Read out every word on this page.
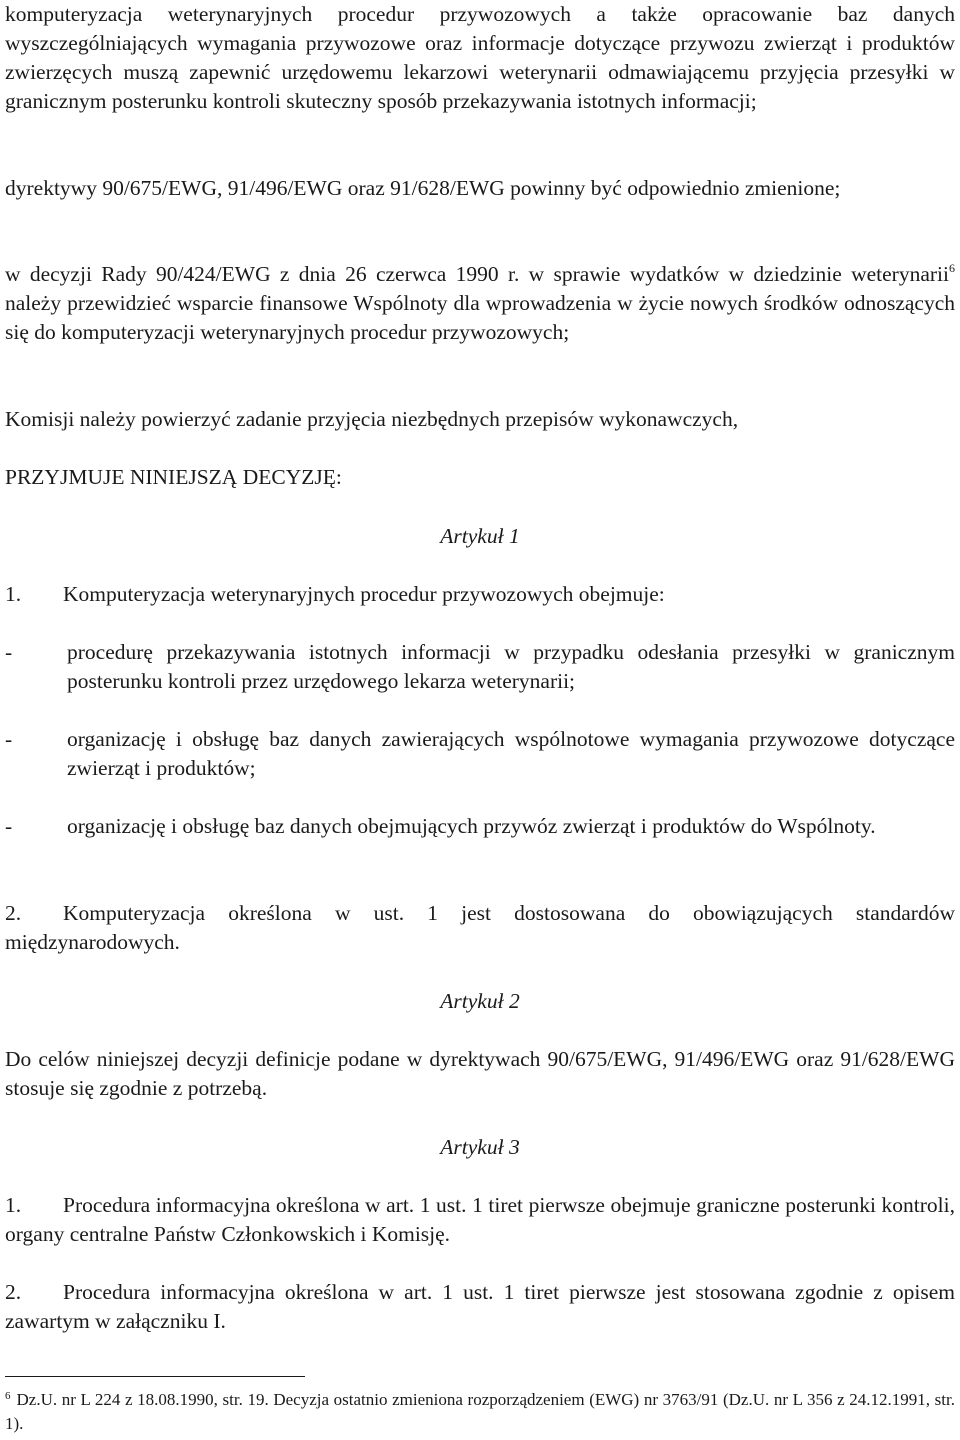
komputeryzacja weterynaryjnych procedur przywozowych a także opracowanie baz danych wyszczególniających wymagania przywozowe oraz informacje dotyczące przywozu zwierząt i produktów zwierzęcych muszą zapewnić urzędowemu lekarzowi weterynarii odmawiającemu przyjęcia przesyłki w granicznym posterunku kontroli skuteczny sposób przekazywania istotnych informacji;

dyrektywy 90/675/EWG, 91/496/EWG oraz 91/628/EWG powinny być odpowiednio zmienione;

w decyzji Rady 90/424/EWG z dnia 26 czerwca 1990 r. w sprawie wydatków w dziedzinie weterynarii$^6$ należy przewidzieć wsparcie finansowe Wspólnoty dla wprowadzenia w życie nowych środków odnoszących się do komputeryzacji weterynaryjnych procedur przywozowych;

Komisji należy powierzyć zadanie przyjęcia niezbędnych przepisów wykonawczych,

PRZYJMUJE NINIEJSZĄ DECYZJĘ:

Artykuł 1

1. Komputeryzacja weterynaryjnych procedur przywozowych obejmuje:

-	procedurę przekazywania istotnych informacji w przypadku odesłania przesyłki w granicznym posterunku kontroli przez urzędowego lekarza weterynarii;
-	organizację i obsługę baz danych zawierających wspólnotowe wymagania przywozowe dotyczące zwierząt i produktów;
-	organizację i obsługę baz danych obejmujących przywóz zwierząt i produktów do Wspólnoty.

2. Komputeryzacja określona w ust. 1 jest dostosowana do obowiązujących standardów międzynarodowych.

Artykuł 2

Do celów niniejszej decyzji definicje podane w dyrektywach 90/675/EWG, 91/496/EWG oraz 91/628/EWG stosuje się zgodnie z potrzebą.

Artykuł 3

1. Procedura informacyjna określona w art. 1 ust. 1 tiret pierwsze obejmuje graniczne posterunki kontroli, organy centralne Państw Członkowskich i Komisję.

2. Procedura informacyjna określona w art. 1 ust. 1 tiret pierwsze jest stosowana zgodnie z opisem zawartym w załączniku I.

$^6$ Dz.U. nr L 224 z 18.08.1990, str. 19. Decyzja ostatnio zmieniona rozporządzeniem (EWG) nr 3763/91 (Dz.U. nr L 356 z 24.12.1991, str. 1).
